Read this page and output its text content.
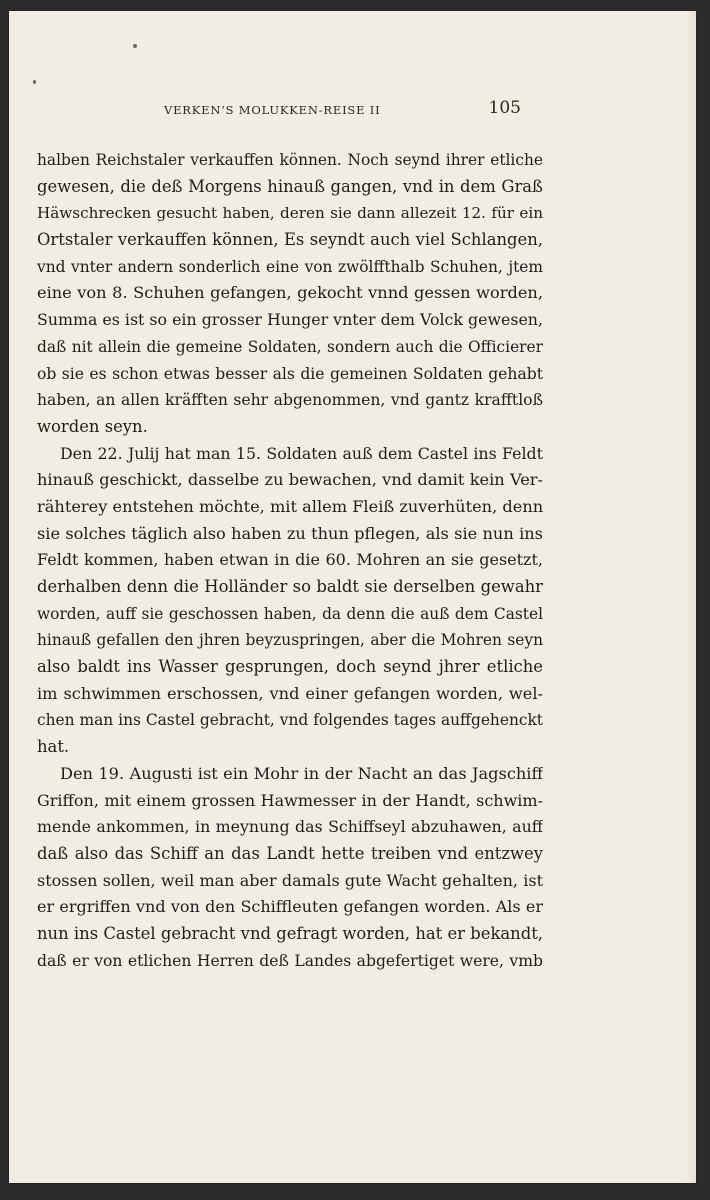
VERKEN’S MOLUKKEN-REISE II	105
halben Reichstaler verkauffen können. Noch seynd ihrer etliche
gewesen, die deß Morgens hinauß gangen, vnd in dem Graß
Häwschrecken gesucht haben, deren sie dann allezeit 12. für ein
Ortstaler verkauffen können, Es seyndt auch viel Schlangen,
vnd vnter andern sonderlich eine von zwölffthalb Schuhen, jtem
eine von 8. Schuhen gefangen, gekocht vnnd gessen worden,
Summa es ist so ein grosser Hunger vnter dem Volck gewesen,
daß nit allein die gemeine Soldaten, sondern auch die Officierer
ob sie es schon etwas besser als die gemeinen Soldaten gehabt
haben, an allen kräfften sehr abgenommen, vnd gantz krafftloß
worden seyn.
Den 22. Julij hat man 15. Soldaten auß dem Castel ins Feldt
hinauß geschickt, dasselbe zu bewachen, vnd damit kein Ver-
rähterey entstehen möchte, mit allem Fleiß zuverhüten, denn
sie solches täglich also haben zu thun pflegen, als sie nun ins
Feldt kommen, haben etwan in die 60. Mohren an sie gesetzt,
derhalben denn die Holländer so baldt sie derselben gewahr
worden, auff sie geschossen haben, da denn die auß dem Castel
hinauß gefallen den jhren beyzuspringen, aber die Mohren seyn
also baldt ins Wasser gesprungen, doch seynd jhrer etliche
im schwimmen erschossen, vnd einer gefangen worden, wel-
chen man ins Castel gebracht, vnd folgendes tages auffgehenckt
hat.
Den 19. Augusti ist ein Mohr in der Nacht an das Jagschiff
Griffon, mit einem grossen Hawmesser in der Handt, schwim-
mende ankommen, in meynung das Schiffseyl abzuhawen, auff
daß also das Schiff an das Landt hette treiben vnd entzwey
stossen sollen, weil man aber damals gute Wacht gehalten, ist
er ergriffen vnd von den Schiffleuten gefangen worden. Als er
nun ins Castel gebracht vnd gefragt worden, hat er bekandt,
daß er von etlichen Herren deß Landes abgefertiget were, vmb
